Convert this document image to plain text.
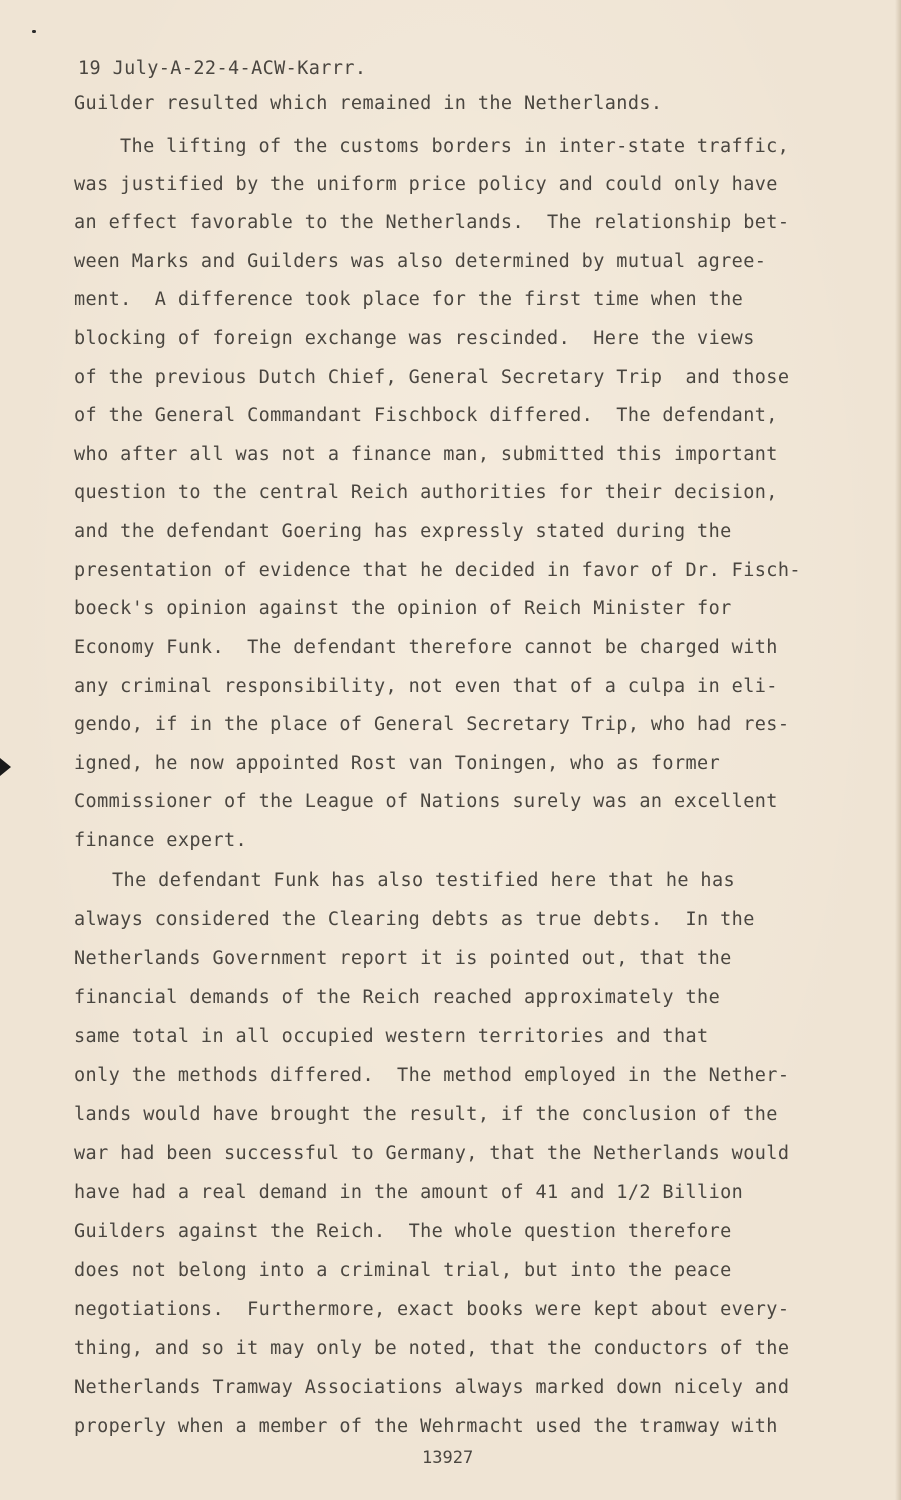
19 July-A-22-4-ACW-Karrr.
Guilder resulted which remained in the Netherlands.
The lifting of the customs borders in inter-state traffic,
was justified by the uniform price policy and could only have
an effect favorable to the Netherlands.  The relationship bet-
ween Marks and Guilders was also determined by mutual agree-
ment.  A difference took place for the first time when the
blocking of foreign exchange was rescinded.  Here the views
of the previous Dutch Chief, General Secretary Trip  and those
of the General Commandant Fischbock differed.  The defendant,
who after all was not a finance man, submitted this important
question to the central Reich authorities for their decision,
and the defendant Goering has expressly stated during the
presentation of evidence that he decided in favor of Dr. Fisch-
boeck's opinion against the opinion of Reich Minister for
Economy Funk.  The defendant therefore cannot be charged with
any criminal responsibility, not even that of a culpa in eli-
gendo, if in the place of General Secretary Trip, who had res-
igned, he now appointed Rost van Toningen, who as former
Commissioner of the League of Nations surely was an excellent
finance expert.
The defendant Funk has also testified here that he has
always considered the Clearing debts as true debts.  In the
Netherlands Government report it is pointed out, that the
financial demands of the Reich reached approximately the
same total in all occupied western territories and that
only the methods differed.  The method employed in the Nether-
lands would have brought the result, if the conclusion of the
war had been successful to Germany, that the Netherlands would
have had a real demand in the amount of 41 and 1/2 Billion
Guilders against the Reich.  The whole question therefore
does not belong into a criminal trial, but into the peace
negotiations.  Furthermore, exact books were kept about every-
thing, and so it may only be noted, that the conductors of the
Netherlands Tramway Associations always marked down nicely and
properly when a member of the Wehrmacht used the tramway with
13927
